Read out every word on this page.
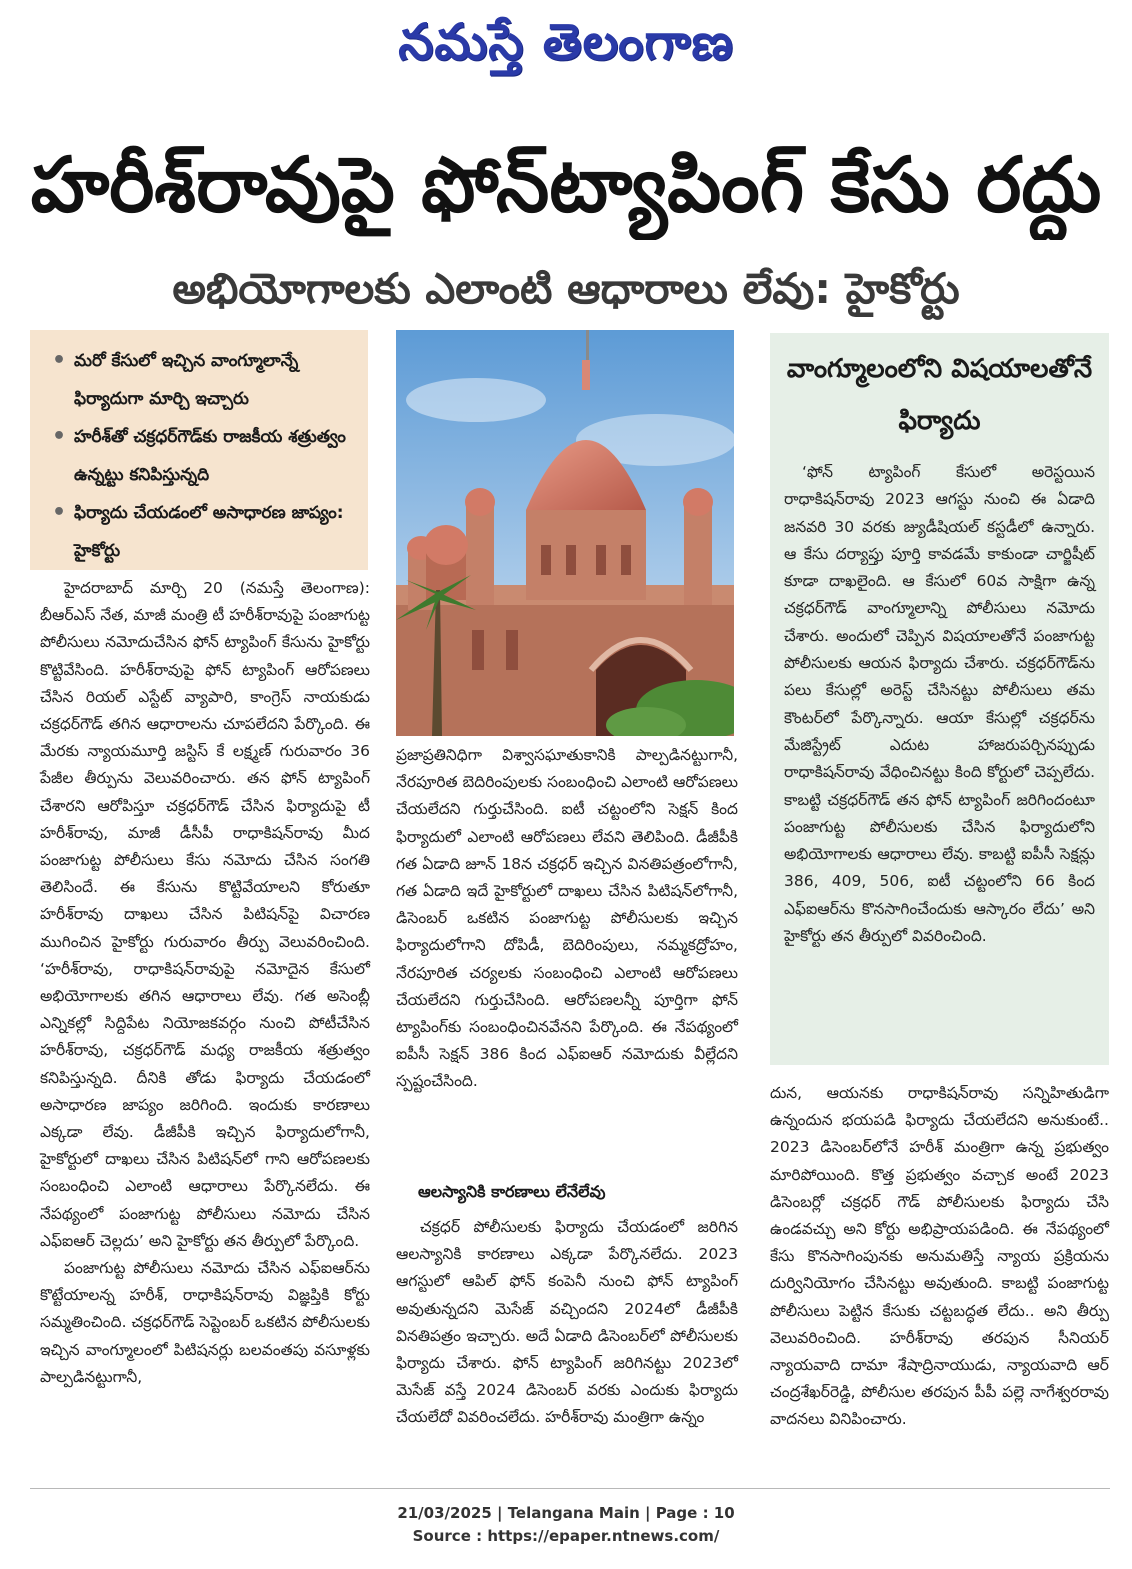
నమస్తే తెలంగాణ
హరీశ్‌రావుపై ఫోన్‌ట్యాపింగ్‌ కేసు రద్దు
అభియోగాలకు ఎలాంటి ఆధారాలు లేవు: హైకోర్టు
• మరో కేసులో ఇచ్చిన వాంగ్మూలాన్నే ఫిర్యాదుగా మార్చి ఇచ్చారు
• హరీశ్‌తో చక్రధర్‌గౌడ్‌కు రాజకీయ శత్రుత్వం ఉన్నట్టు కనిపిస్తున్నది
• ఫిర్యాదు చేయడంలో అసాధారణ జాప్యం: హైకోర్టు
వాంగ్మూలంలోని విషయాలతోనే ఫిర్యాదు

‘ఫోన్ ట్యాపింగ్ కేసులో అరెస్టయిన రాధాకిషన్‌రావు 2023 ఆగస్టు నుంచి ఈ ఏడాది జనవరి 30 వరకు జ్యుడీషియల్ కస్టడీలో ఉన్నారు. ఆ కేసు దర్యాప్తు పూర్తి కావడమే కాకుండా చార్జిషీట్ కూడా దాఖలైంది. ఆ కేసులో 60వ సాక్షిగా ఉన్న చక్రధర్‌గౌడ్ వాంగ్మూలాన్ని పోలీసులు నమోదు చేశారు. అందులో చెప్పిన విషయాలతోనే పంజాగుట్ట పోలీసులకు ఆయన ఫిర్యాదు చేశారు. చక్రధర్‌గౌడ్‌ను పలు కేసుల్లో అరెస్ట్ చేసినట్టు పోలీసులు తమ కౌంటర్‌లో పేర్కొన్నారు. ఆయా కేసుల్లో చక్రధర్‌ను మేజిస్ట్రేట్ ఎదుట హాజరుపర్చినప్పుడు రాధాకిషన్‌రావు వేధించినట్టు కింది కోర్టులో చెప్పలేదు. కాబట్టి చక్రధర్‌గౌడ్ తన ఫోన్ ట్యాపింగ్ జరిగిందంటూ పంజాగుట్ట పోలీసులకు చేసిన ఫిర్యాదులోని అభియోగాలకు ఆధారాలు లేవు. కాబట్టి ఐపీసీ సెక్షన్లు 386, 409, 506, ఐటీ చట్టంలోని 66 కింద ఎఫ్ఐఆర్‌ను కొనసాగించేందుకు ఆస్కారం లేదు’ అని హైకోర్టు తన తీర్పులో వివరించింది.

హైదరాబాద్ మార్చి 20 (నమస్తే తెలంగాణ): బీఆర్ఎస్ నేత, మాజీ మంత్రి టీ హరీశ్‌రావుపై పంజాగుట్ట పోలీసులు నమోదుచేసిన ఫోన్ ట్యాపింగ్ కేసును హైకోర్టు కొట్టివేసింది. హరీశ్‌రావుపై ఫోన్ ట్యాపింగ్ ఆరోపణలు చేసిన రియల్ ఎస్టేట్ వ్యాపారి, కాంగ్రెస్ నాయకుడు చక్రధర్‌గౌడ్ తగిన ఆధారాలను చూపలేదని పేర్కొంది. ఈ మేరకు న్యాయమూర్తి జస్టిస్ కే లక్ష్మణ్ గురువారం 36 పేజీల తీర్పును వెలువరించారు. తన ఫోన్ ట్యాపింగ్ చేశారని ఆరోపిస్తూ చక్రధర్‌గౌడ్ చేసిన ఫిర్యాదుపై టీ హరీశ్‌రావు, మాజీ డీసీపీ రాధాకిషన్‌రావు మీద పంజాగుట్ట పోలీసులు కేసు నమోదు చేసిన సంగతి తెలిసిందే. ఈ కేసును కొట్టివేయాలని కోరుతూ హరీశ్‌రావు దాఖలు చేసిన పిటిషన్‌పై విచారణ ముగించిన హైకోర్టు గురువారం తీర్పు వెలువరించింది. ‘హరీశ్‌రావు, రాధాకిషన్‌రావుపై నమోదైన కేసులో అభియోగాలకు తగిన ఆధారాలు లేవు. గత అసెంబ్లీ ఎన్నికల్లో సిద్దిపేట నియోజకవర్గం నుంచి పోటీచేసిన హరీశ్‌రావు, చక్రధర్‌గౌడ్ మధ్య రాజకీయ శత్రుత్వం కనిపిస్తున్నది. దీనికి తోడు ఫిర్యాదు చేయడంలో అసాధారణ జాప్యం జరిగింది. ఇందుకు కారణాలు ఎక్కడా లేవు. డీజీపీకి ఇచ్చిన ఫిర్యాదులోగానీ, హైకోర్టులో దాఖలు చేసిన పిటిషన్‌లో గాని ఆరోపణలకు సంబంధించి ఎలాంటి ఆధారాలు పేర్కొనలేదు. ఈ నేపథ్యంలో పంజాగుట్ట పోలీసులు నమోదు చేసిన ఎఫ్ఐఆర్ చెల్లదు’ అని హైకోర్టు తన తీర్పులో పేర్కొంది.

పంజాగుట్ట పోలీసులు నమోదు చేసిన ఎఫ్ఐఆర్‌ను కొట్టేయాలన్న హరీశ్, రాధాకిషన్‌రావు విజ్ఞప్తికి కోర్టు సమ్మతించింది. చక్రధర్‌గౌడ్ సెప్టెంబర్ ఒకటిన పోలీసులకు ఇచ్చిన వాంగ్మూలంలో పిటిషనర్లు బలవంతపు వసూళ్లకు పాల్పడినట్టుగానీ,

ప్రజాప్రతినిధిగా విశ్వాసఘాతుకానికి పాల్పడినట్టుగానీ, నేరపూరిత బెదిరింపులకు సంబంధించి ఎలాంటి ఆరోపణలు చేయలేదని గుర్తుచేసింది. ఐటీ చట్టంలోని సెక్షన్ కింద ఫిర్యాదులో ఎలాంటి ఆరోపణలు లేవని తెలిపింది. డీజీపీకి గత ఏడాది జూన్ 18న చక్రధర్ ఇచ్చిన వినతిపత్రంలోగానీ, గత ఏడాది ఇదే హైకోర్టులో దాఖలు చేసిన పిటిషన్‌లోగానీ, డిసెంబర్ ఒకటిన పంజాగుట్ట పోలీసులకు ఇచ్చిన ఫిర్యాదులోగాని దోపిడీ, బెదిరింపులు, నమ్మకద్రోహం, నేరపూరిత చర్యలకు సంబంధించి ఎలాంటి ఆరోపణలు చేయలేదని గుర్తుచేసింది. ఆరోపణలన్నీ పూర్తిగా ఫోన్ ట్యాపింగ్‌కు సంబంధించినవేనని పేర్కొంది. ఈ నేపథ్యంలో ఐపీసీ సెక్షన్ 386 కింద ఎఫ్ఐఆర్ నమోదుకు వీల్లేదని స్పష్టంచేసింది.

ఆలస్యానికి కారణాలు లేనేలేవు

చక్రధర్ పోలీసులకు ఫిర్యాదు చేయడంలో జరిగిన ఆలస్యానికి కారణాలు ఎక్కడా పేర్కొనలేదు. 2023 ఆగస్టులో ఆపిల్ ఫోన్ కంపెనీ నుంచి ఫోన్ ట్యాపింగ్ అవుతున్నదని మెసేజ్ వచ్చిందని 2024లో డీజీపీకి వినతిపత్రం ఇచ్చారు. అదే ఏడాది డిసెంబర్‌లో పోలీసులకు ఫిర్యాదు చేశారు. ఫోన్ ట్యాపింగ్ జరిగినట్టు 2023లో మెసేజ్ వస్తే 2024 డిసెంబర్ వరకు ఎందుకు ఫిర్యాదు చేయలేదో వివరించలేదు. హరీశ్‌రావు మంత్రిగా ఉన్నం

దున, ఆయనకు రాధాకిషన్‌రావు సన్నిహితుడిగా ఉన్నందున భయపడి ఫిర్యాదు చేయలేదని అనుకుంటే.. 2023 డిసెంబర్‌లోనే హరీశ్ మంత్రిగా ఉన్న ప్రభుత్వం మారిపోయింది. కొత్త ప్రభుత్వం వచ్చాక అంటే 2023 డిసెంబర్లో చక్రధర్ గౌడ్ పోలీసులకు ఫిర్యాదు చేసి ఉండవచ్చు అని కోర్టు అభిప్రాయపడింది. ఈ నేపథ్యంలో కేసు కొనసాగింపునకు అనుమతిస్తే న్యాయ ప్రక్రియను దుర్వినియోగం చేసినట్టు అవుతుంది. కాబట్టి పంజాగుట్ట పోలీసులు పెట్టిన కేసుకు చట్టబద్ధత లేదు.. అని తీర్పు వెలువరించింది. హరీశ్‌రావు తరపున సీనియర్ న్యాయవాది దామా శేషాద్రినాయుడు, న్యాయవాది ఆర్ చంద్రశేఖర్‌రెడ్డి, పోలీసుల తరపున పీపీ పల్లె నాగేశ్వరరావు వాదనలు వినిపించారు.

21/03/2025 | Telangana Main | Page : 10
Source : https://epaper.ntnews.com/
